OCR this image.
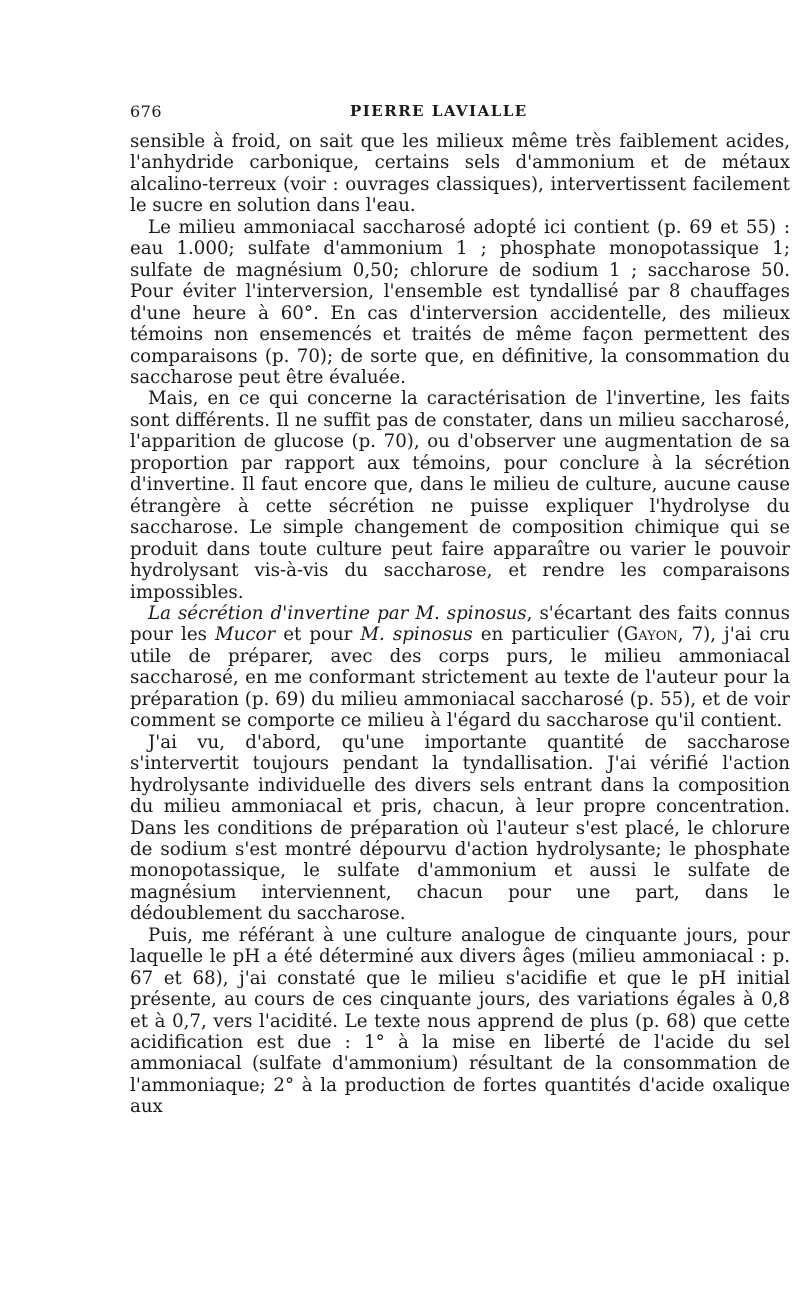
676	PIERRE LAVIALLE

sensible à froid, on sait que les milieux même très faiblement acides, l'anhydride carbonique, certains sels d'ammonium et de métaux alcalino-terreux (voir : ouvrages classiques), intervertissent facilement le sucre en solution dans l'eau.

Le milieu ammoniacal saccharosé adopté ici contient (p. 69 et 55) : eau 1.000; sulfate d'ammonium 1 ; phosphate monopotassique 1; sulfate de magnésium 0,50; chlorure de sodium 1 ; saccharose 50. Pour éviter l'interversion, l'ensemble est tyndallisé par 8 chauffages d'une heure à 60°. En cas d'interversion accidentelle, des milieux témoins non ensemencés et traités de même façon permettent des comparaisons (p. 70); de sorte que, en définitive, la consommation du saccharose peut être évaluée.

Mais, en ce qui concerne la caractérisation de l'invertine, les faits sont différents. Il ne suffit pas de constater, dans un milieu saccharosé, l'apparition de glucose (p. 70), ou d'observer une augmentation de sa proportion par rapport aux témoins, pour conclure à la sécrétion d'invertine. Il faut encore que, dans le milieu de culture, aucune cause étrangère à cette sécrétion ne puisse expliquer l'hydrolyse du saccharose. Le simple changement de composition chimique qui se produit dans toute culture peut faire apparaître ou varier le pouvoir hydrolysant vis-à-vis du saccharose, et rendre les comparaisons impossibles.

La sécrétion d'invertine par M. spinosus, s'écartant des faits connus pour les Mucor et pour M. spinosus en particulier (Gayon, 7), j'ai cru utile de préparer, avec des corps purs, le milieu ammoniacal saccharosé, en me conformant strictement au texte de l'auteur pour la préparation (p. 69) du milieu ammoniacal saccharosé (p. 55), et de voir comment se comporte ce milieu à l'égard du saccharose qu'il contient.

J'ai vu, d'abord, qu'une importante quantité de saccharose s'intervertit toujours pendant la tyndallisation. J'ai vérifié l'action hydrolysante individuelle des divers sels entrant dans la composition du milieu ammoniacal et pris, chacun, à leur propre concentration. Dans les conditions de préparation où l'auteur s'est placé, le chlorure de sodium s'est montré dépourvu d'action hydrolysante; le phosphate monopotassique, le sulfate d'ammonium et aussi le sulfate de magnésium interviennent, chacun pour une part, dans le dédoublement du saccharose.

Puis, me référant à une culture analogue de cinquante jours, pour laquelle le pH a été déterminé aux divers âges (milieu ammoniacal : p. 67 et 68), j'ai constaté que le milieu s'acidifie et que le pH initial présente, au cours de ces cinquante jours, des variations égales à 0,8 et à 0,7, vers l'acidité. Le texte nous apprend de plus (p. 68) que cette acidification est due : 1° à la mise en liberté de l'acide du sel ammoniacal (sulfate d'ammonium) résultant de la consommation de l'ammoniaque; 2° à la production de fortes quantités d'acide oxalique aux
